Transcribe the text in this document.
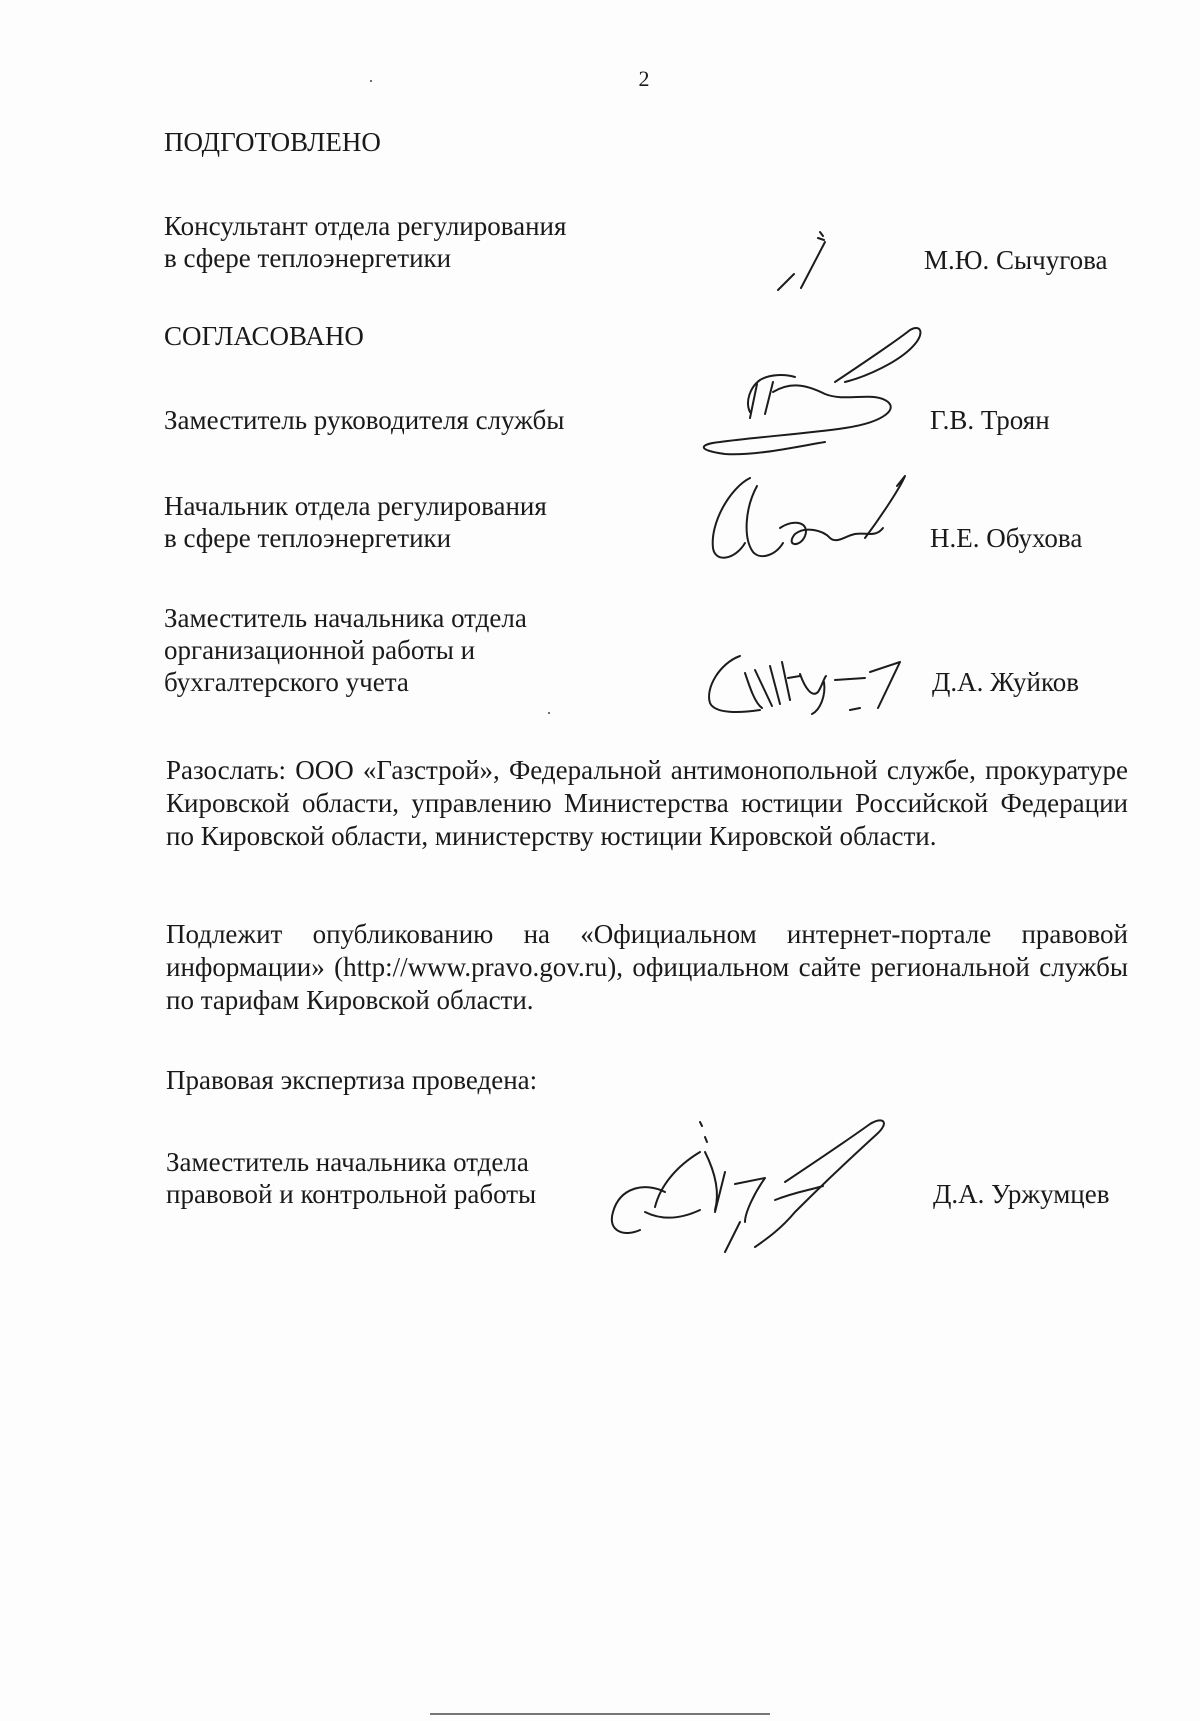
2
ПОДГОТОВЛЕНО
Консультант отдела регулирования
в сфере теплоэнергетики	М.Ю. Сычугова
СОГЛАСОВАНО
Заместитель руководителя службы	Г.В. Троян
Начальник отдела регулирования
в сфере теплоэнергетики	Н.Е. Обухова
Заместитель начальника отдела
организационной работы и
бухгалтерского учета	Д.А. Жуйков
Разослать: ООО «Газстрой», Федеральной антимонопольной службе, прокуратуре Кировской области, управлению Министерства юстиции Российской Федерации по Кировской области, министерству юстиции Кировской области.
Подлежит опубликованию на «Официальном интернет-портале правовой информации» (http://www.pravo.gov.ru), официальном сайте региональной службы по тарифам Кировской области.
Правовая экспертиза проведена:
Заместитель начальника отдела
правовой и контрольной работы	Д.А. Уржумцев
